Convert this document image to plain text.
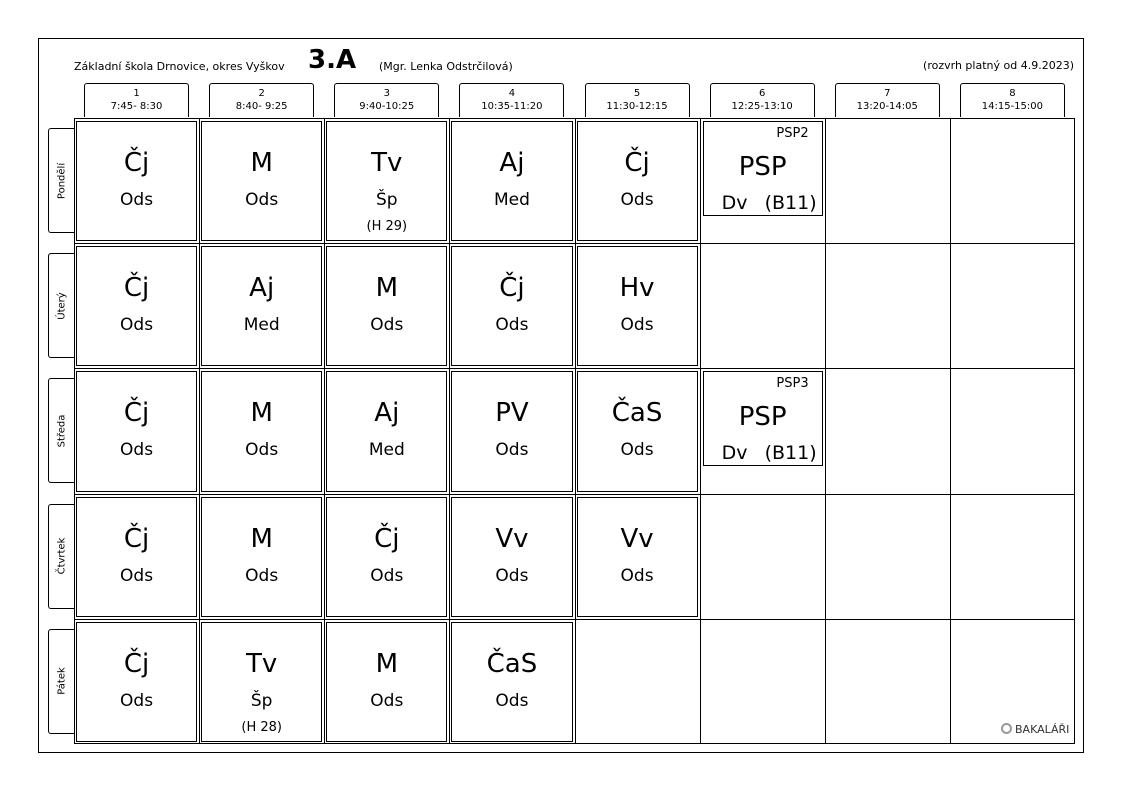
Základní škola Drnovice, okres Vyškov 3.A (Mgr. Lenka Odstrčilová)	(rozvrh platný od 4.9.2023)
1
7:45- 8:30
2
8:40- 9:25
3
9:40-10:25
4
10:35-11:20
5
11:30-12:15
6
12:25-13:10
7
13:20-14:05
8
14:15-15:00
Pondělí
Úterý
Středa
Čtvrtek
Pátek
Čj
Ods
M
Ods
Tv
Šp
(H 29)
Aj
Med
Čj
Ods
PSP2
PSP
Dv (B11)
Čj
Ods
Aj
Med
M
Ods
Čj
Ods
Hv
Ods
Čj
Ods
M
Ods
Aj
Med
PV
Ods
ČaS
Ods
PSP3
PSP
Dv (B11)
Čj
Ods
M
Ods
Čj
Ods
Vv
Ods
Vv
Ods
Čj
Ods
Tv
Šp
(H 28)
M
Ods
ČaS
Ods
BAKALÁŘI
